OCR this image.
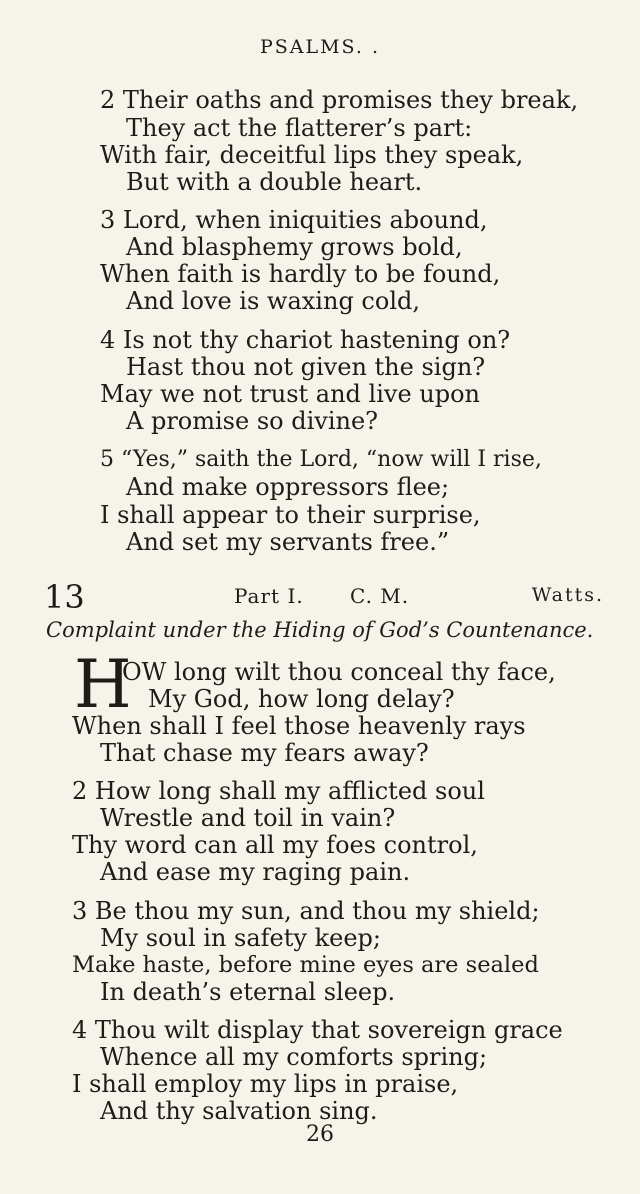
PSALMS. .
2 Their oaths and promises they break,
They act the flatterer’s part:
With fair, deceitful lips they speak,
But with a double heart.
3 Lord, when iniquities abound,
And blasphemy grows bold,
When faith is hardly to be found,
And love is waxing cold,
4 Is not thy chariot hastening on?
Hast thou not given the sign?
May we not trust and live upon
A promise so divine?
5 “Yes,” saith the Lord, “now will I rise,
And make oppressors flee;
I shall appear to their surprise,
And set my servants free.”
13	Part I. C. M.	Watts.
Complaint under the Hiding of God’s Countenance.
H
OW long wilt thou conceal thy face,
My God, how long delay?
When shall I feel those heavenly rays
That chase my fears away?
2 How long shall my afflicted soul
Wrestle and toil in vain?
Thy word can all my foes control,
And ease my raging pain.
3 Be thou my sun, and thou my shield;
My soul in safety keep;
Make haste, before mine eyes are sealed
In death’s eternal sleep.
4 Thou wilt display that sovereign grace
Whence all my comforts spring;
I shall employ my lips in praise,
And thy salvation sing.
26
